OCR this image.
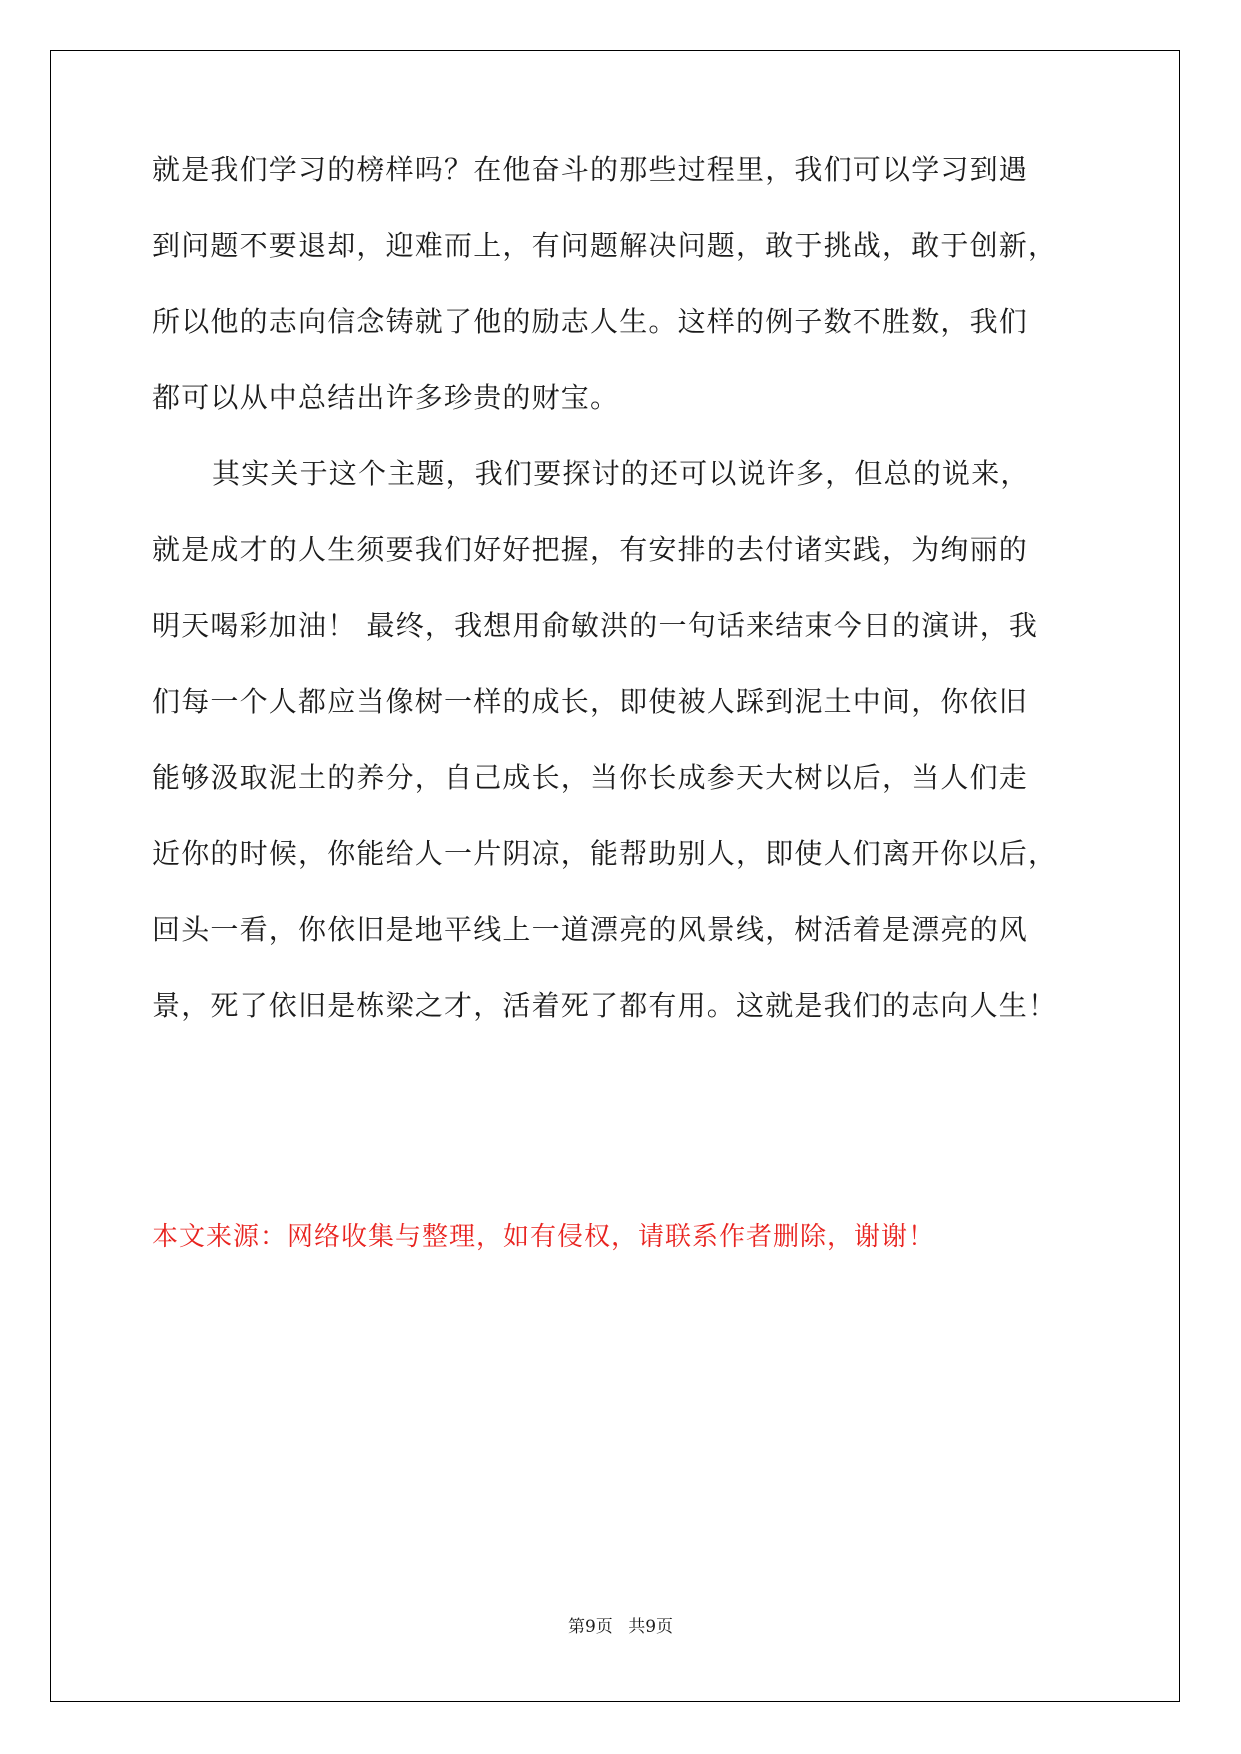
就是我们学习的榜样吗？在他奋斗的那些过程里，我们可以学习到遇
到问题不要退却，迎难而上，有问题解决问题，敢于挑战，敢于创新，
所以他的志向信念铸就了他的励志人生。这样的例子数不胜数，我们
都可以从中总结出许多珍贵的财宝。
其实关于这个主题，我们要探讨的还可以说许多，但总的说来，
就是成才的人生须要我们好好把握，有安排的去付诸实践，为绚丽的
明天喝彩加油！ 最终，我想用俞敏洪的一句话来结束今日的演讲，我
们每一个人都应当像树一样的成长，即使被人踩到泥土中间，你依旧
能够汲取泥土的养分，自己成长，当你长成参天大树以后，当人们走
近你的时候，你能给人一片阴凉，能帮助别人，即使人们离开你以后，
回头一看，你依旧是地平线上一道漂亮的风景线，树活着是漂亮的风
景，死了依旧是栋梁之才，活着死了都有用。这就是我们的志向人生！
本文来源：网络收集与整理，如有侵权，请联系作者删除，谢谢！
第9页 共9页
